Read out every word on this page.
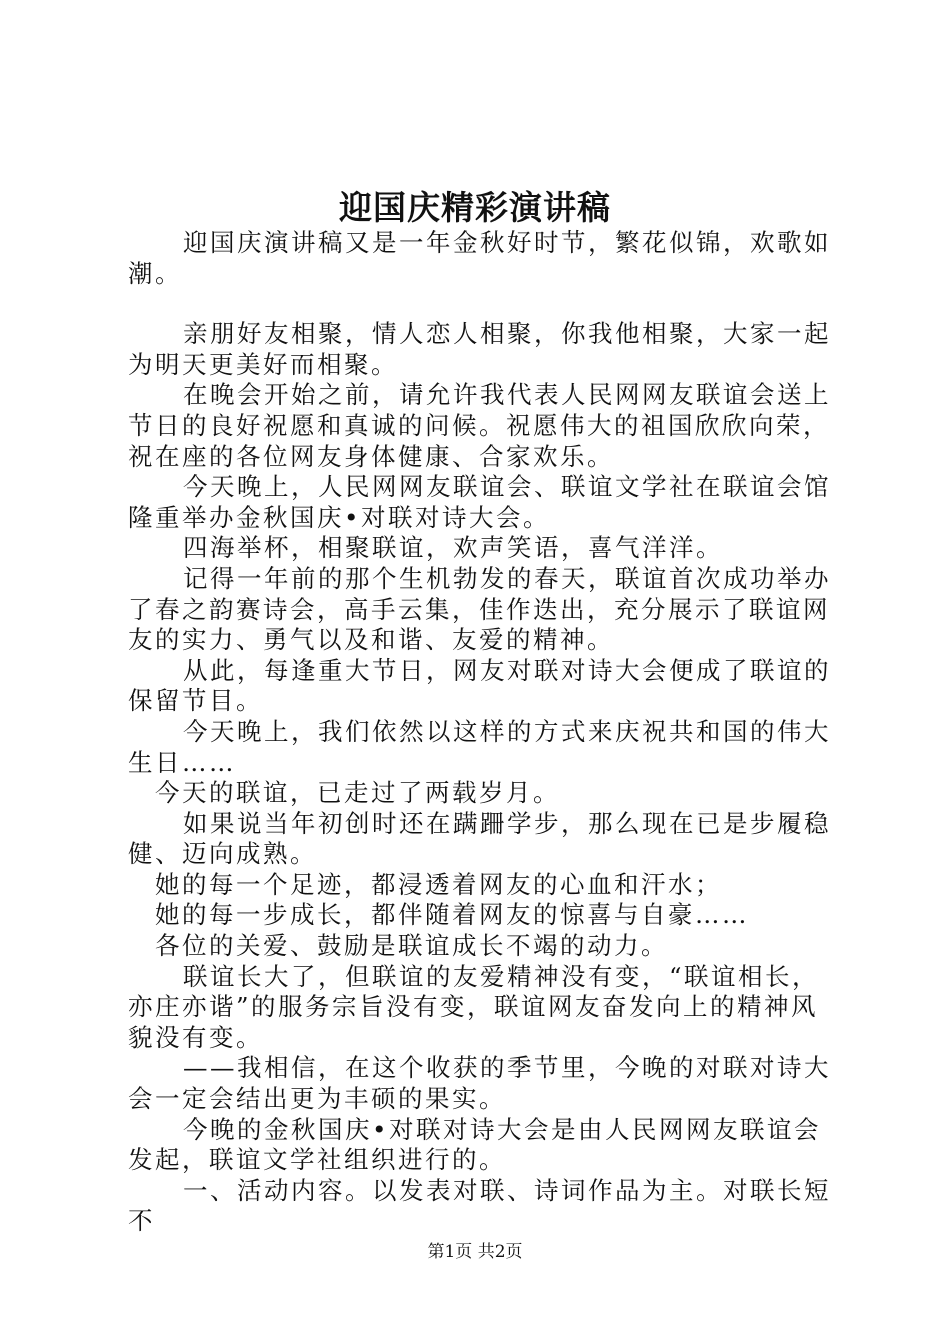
迎国庆精彩演讲稿

迎国庆演讲稿又是一年金秋好时节，繁花似锦，欢歌如潮。

亲朋好友相聚，情人恋人相聚，你我他相聚，大家一起为明天更美好而相聚。

在晚会开始之前，请允许我代表人民网网友联谊会送上节日的良好祝愿和真诚的问候。祝愿伟大的祖国欣欣向荣，祝在座的各位网友身体健康、合家欢乐。

今天晚上，人民网网友联谊会、联谊文学社在联谊会馆隆重举办金秋国庆•对联对诗大会。

四海举杯，相聚联谊，欢声笑语，喜气洋洋。

记得一年前的那个生机勃发的春天，联谊首次成功举办了春之韵赛诗会，高手云集，佳作迭出，充分展示了联谊网友的实力、勇气以及和谐、友爱的精神。

从此，每逢重大节日，网友对联对诗大会便成了联谊的保留节目。

今天晚上，我们依然以这样的方式来庆祝共和国的伟大生日……

今天的联谊，已走过了两载岁月。

如果说当年初创时还在蹒跚学步，那么现在已是步履稳健、迈向成熟。

她的每一个足迹，都浸透着网友的心血和汗水；

她的每一步成长，都伴随着网友的惊喜与自豪……

各位的关爱、鼓励是联谊成长不竭的动力。

联谊长大了，但联谊的友爱精神没有变，“联谊相长，亦庄亦谐”的服务宗旨没有变，联谊网友奋发向上的精神风貌没有变。

——我相信，在这个收获的季节里，今晚的对联对诗大会一定会结出更为丰硕的果实。

今晚的金秋国庆•对联对诗大会是由人民网网友联谊会发起，联谊文学社组织进行的。

一、活动内容。以发表对联、诗词作品为主。对联长短不

第1页 共2页
